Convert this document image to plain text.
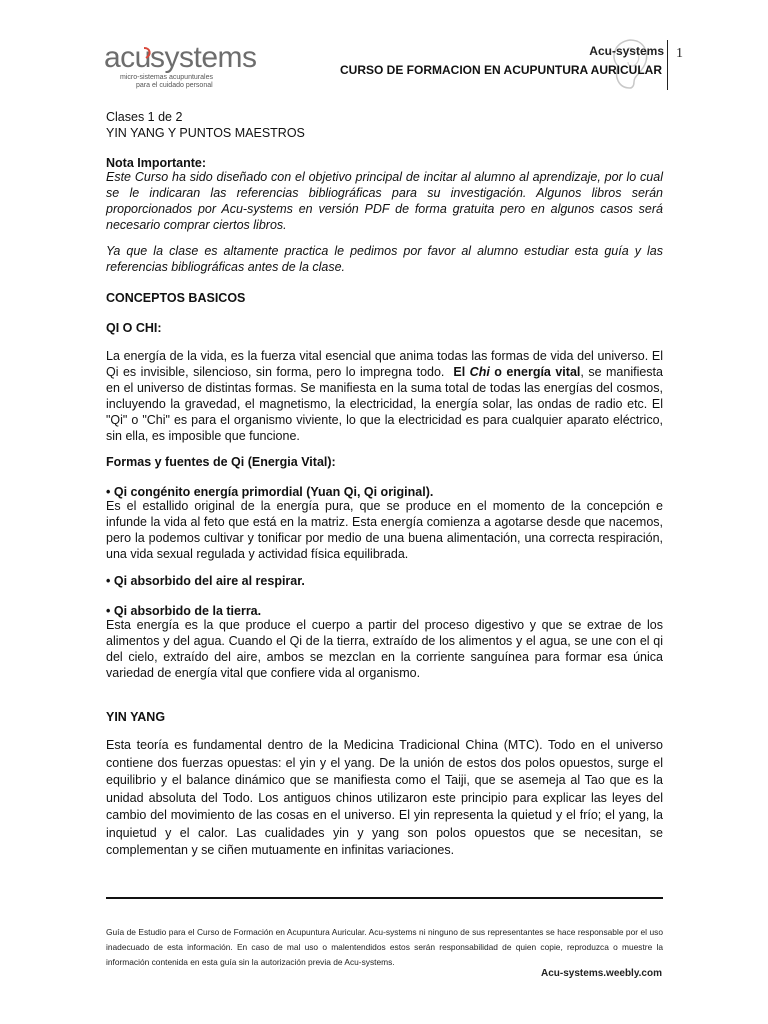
acu systems
micro-sistemas acupunturales
para el cuidado personal
Acu-systems
CURSO DE FORMACION EN ACUPUNTURA AURICULAR
1
Clases 1 de 2
YIN YANG Y PUNTOS MAESTROS
Nota Importante:
Este Curso ha sido diseñado con el objetivo principal de incitar al alumno al aprendizaje, por lo cual se le indicaran las referencias bibliográficas para su investigación. Algunos libros serán proporcionados por Acu-systems en versión PDF de forma gratuita pero en algunos casos será necesario comprar ciertos libros.
Ya que la clase es altamente practica le pedimos por favor al alumno estudiar esta guía y las referencias bibliográficas antes de la clase.
CONCEPTOS BASICOS
QI O CHI:
La energía de la vida, es la fuerza vital esencial que anima todas las formas de vida del universo. El Qi es invisible, silencioso, sin forma, pero lo impregna todo. El Chi o energía vital, se manifiesta en el universo de distintas formas. Se manifiesta en la suma total de todas las energías del cosmos, incluyendo la gravedad, el magnetismo, la electricidad, la energía solar, las ondas de radio etc. El "Qi" o "Chi" es para el organismo viviente, lo que la electricidad es para cualquier aparato eléctrico, sin ella, es imposible que funcione.
Formas y fuentes de Qi (Energia Vital):
• Qi congénito energía primordial (Yuan Qi, Qi original).
Es el estallido original de la energía pura, que se produce en el momento de la concepción e infunde la vida al feto que está en la matriz. Esta energía comienza a agotarse desde que nacemos, pero la podemos cultivar y tonificar por medio de una buena alimentación, una correcta respiración, una vida sexual regulada y actividad física equilibrada.
• Qi absorbido del aire al respirar.
• Qi absorbido de la tierra.
Esta energía es la que produce el cuerpo a partir del proceso digestivo y que se extrae de los alimentos y del agua. Cuando el Qi de la tierra, extraído de los alimentos y el agua, se une con el qi del cielo, extraído del aire, ambos se mezclan en la corriente sanguínea para formar esa única variedad de energía vital que confiere vida al organismo.
YIN YANG
Esta teoría es fundamental dentro de la Medicina Tradicional China (MTC). Todo en el universo contiene dos fuerzas opuestas: el yin y el yang. De la unión de estos dos polos opuestos, surge el equilibrio y el balance dinámico que se manifiesta como el Taiji, que se asemeja al Tao que es la unidad absoluta del Todo. Los antiguos chinos utilizaron este principio para explicar las leyes del cambio del movimiento de las cosas en el universo. El yin representa la quietud y el frío; el yang, la inquietud y el calor. Las cualidades yin y yang son polos opuestos que se necesitan, se complementan y se ciñen mutuamente en infinitas variaciones.
Guía de Estudio para el Curso de Formación en Acupuntura Auricular. Acu-systems ni ninguno de sus representantes se hace responsable por el uso inadecuado de esta información. En caso de mal uso o malentendidos estos serán responsabilidad de quien copie, reproduzca o muestre la información contenida en esta guía sin la autorización previa de Acu-systems.
Acu-systems.weebly.com
